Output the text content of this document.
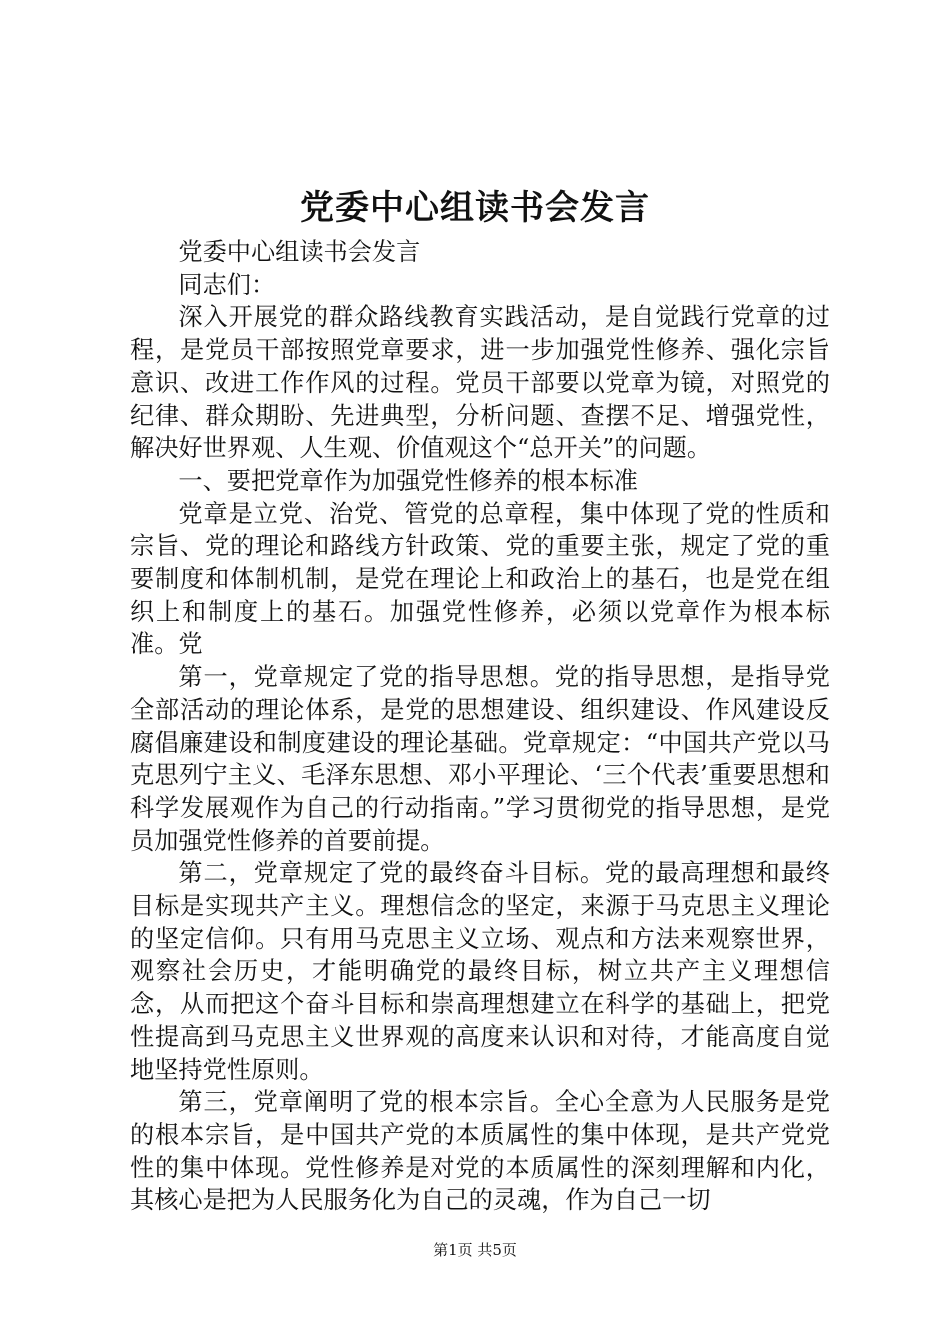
党委中心组读书会发言

党委中心组读书会发言

同志们：

深入开展党的群众路线教育实践活动，是自觉践行党章的过程，是党员干部按照党章要求，进一步加强党性修养、强化宗旨意识、改进工作作风的过程。党员干部要以党章为镜，对照党的纪律、群众期盼、先进典型，分析问题、查摆不足、增强党性，解决好世界观、人生观、价值观这个“总开关”的问题。

一、要把党章作为加强党性修养的根本标准

党章是立党、治党、管党的总章程，集中体现了党的性质和宗旨、党的理论和路线方针政策、党的重要主张，规定了党的重要制度和体制机制，是党在理论上和政治上的基石，也是党在组织上和制度上的基石。加强党性修养，必须以党章作为根本标准。党

第一，党章规定了党的指导思想。党的指导思想，是指导党全部活动的理论体系，是党的思想建设、组织建设、作风建设反腐倡廉建设和制度建设的理论基础。党章规定：“中国共产党以马克思列宁主义、毛泽东思想、邓小平理论、‘三个代表’重要思想和科学发展观作为自己的行动指南。”学习贯彻党的指导思想，是党员加强党性修养的首要前提。

第二，党章规定了党的最终奋斗目标。党的最高理想和最终目标是实现共产主义。理想信念的坚定，来源于马克思主义理论的坚定信仰。只有用马克思主义立场、观点和方法来观察世界，观察社会历史，才能明确党的最终目标，树立共产主义理想信念，从而把这个奋斗目标和崇高理想建立在科学的基础上，把党性提高到马克思主义世界观的高度来认识和对待，才能高度自觉地坚持党性原则。

第三，党章阐明了党的根本宗旨。全心全意为人民服务是党的根本宗旨，是中国共产党的本质属性的集中体现，是共产党党性的集中体现。党性修养是对党的本质属性的深刻理解和内化，其核心是把为人民服务化为自己的灵魂，作为自己一切

第1页 共5页
